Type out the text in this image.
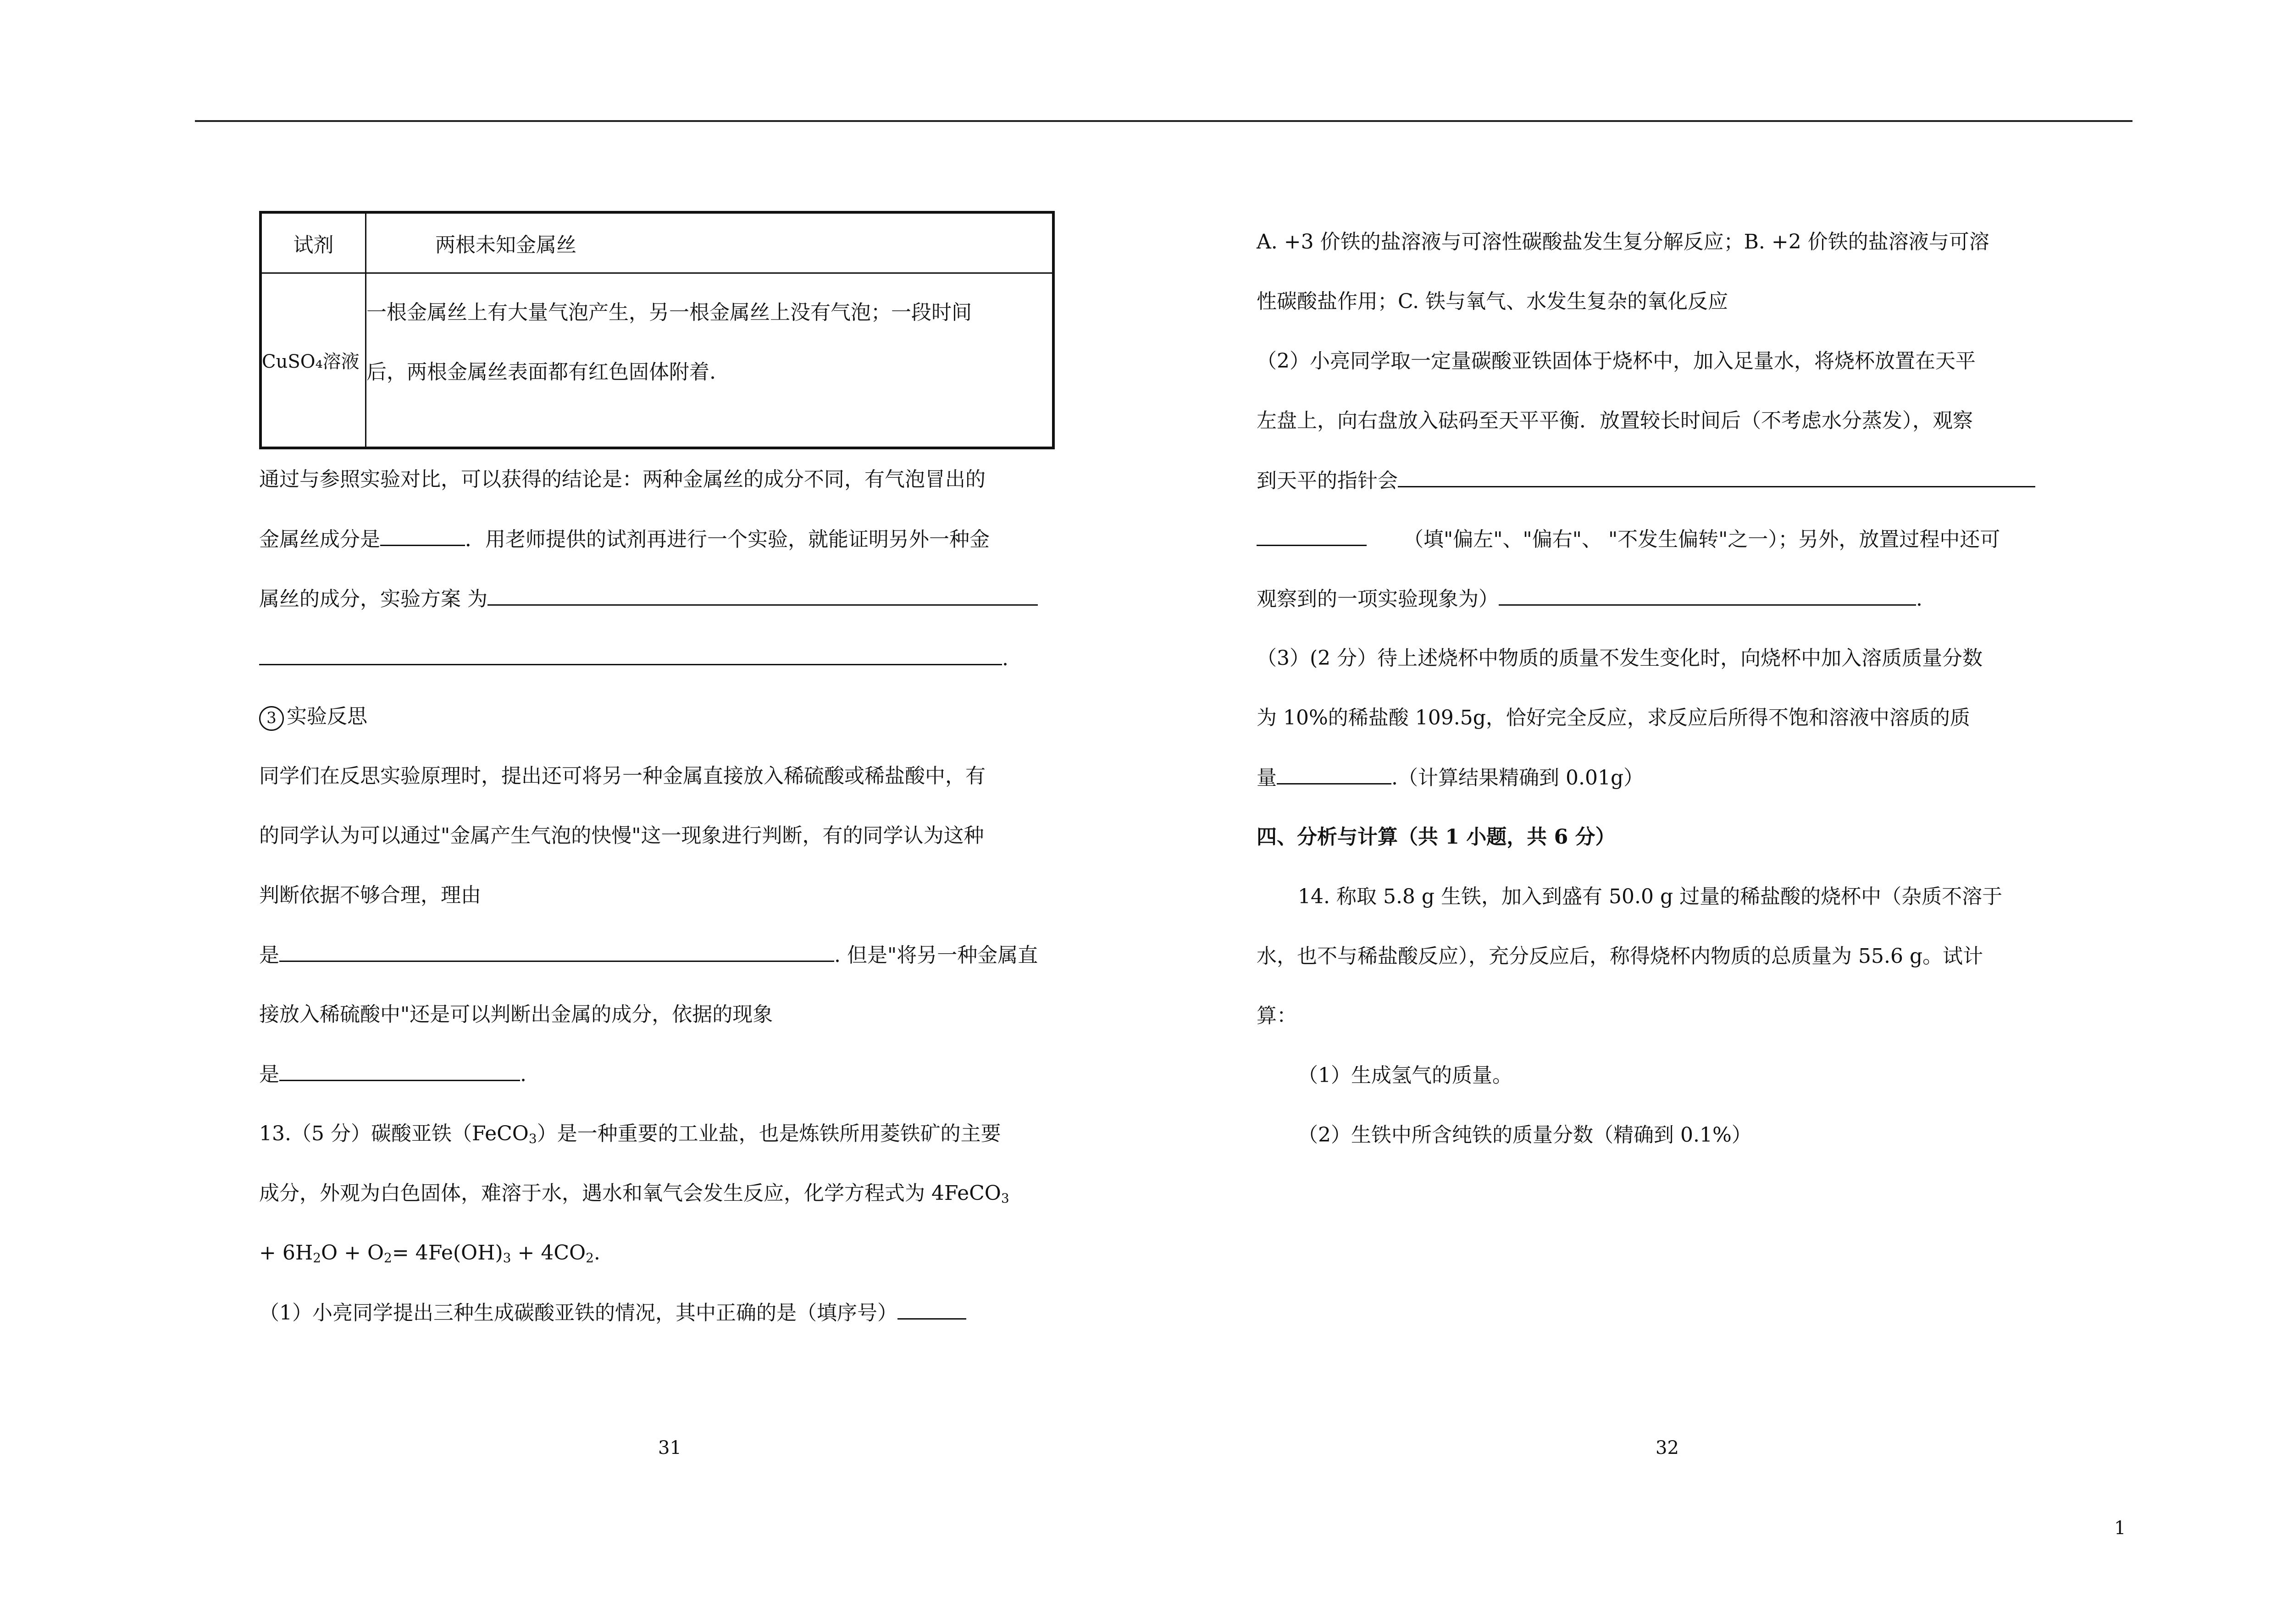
试剂	两根未知金属丝
CuSO₄溶液	一根金属丝上有大量气泡产生，另一根金属丝上没有气泡；一段时间
后，两根金属丝表面都有红色固体附着.
通过与参照实验对比，可以获得的结论是：两种金属丝的成分不同，有气泡冒出的
金属丝成分是	．用老师提供的试剂再进行一个实验，就能证明另外一种金
属丝的成分，实验方案 为
.
3 实验反思
同学们在反思实验原理时，提出还可将另一种金属直接放入稀硫酸或稀盐酸中，有
的同学认为可以通过"金属产生气泡的快慢"这一现象进行判断，有的同学认为这种
判断依据不够合理，理由
是	. 但是"将另一种金属直
接放入稀硫酸中"还是可以判断出金属的成分，依据的现象
是	.
13.（5 分）碳酸亚铁（FeCO$_3$）是一种重要的工业盐，也是炼铁所用菱铁矿的主要
成分，外观为白色固体，难溶于水，遇水和氧气会发生反应，化学方程式为 4FeCO$_3$
+ $6H_2O + O_2= 4Fe(OH)_3 + 4CO_2$.
（1）小亮同学提出三种生成碳酸亚铁的情况，其中正确的是（填序号）
A. +3 价铁的盐溶液与可溶性碳酸盐发生复分解反应；B. +2 价铁的盐溶液与可溶
性碳酸盐作用；C. 铁与氧气、水发生复杂的氧化反应
（2）小亮同学取一定量碳酸亚铁固体于烧杯中，加入足量水，将烧杯放置在天平
左盘上，向右盘放入砝码至天平平衡．放置较长时间后（不考虑水分蒸发），观察
到天平的指针会
（填"偏左"、"偏右"、 "不发生偏转"之一）；另外，放置过程中还可
观察到的一项实验现象为）	.
（3）(2 分）待上述烧杯中物质的质量不发生变化时，向烧杯中加入溶质质量分数
为 10%的稀盐酸 109.5g，恰好完全反应，求反应后所得不饱和溶液中溶质的质
量	.（计算结果精确到 0.01g）
四、分析与计算（共 1 小题，共 6 分）
14. 称取 5.8 g 生铁，加入到盛有 50.0 g 过量的稀盐酸的烧杯中（杂质不溶于
水，也不与稀盐酸反应），充分反应后，称得烧杯内物质的总质量为 55.6 g。试计
算：
（1）生成氢气的质量。
（2）生铁中所含纯铁的质量分数（精确到 0.1%）
31	32
1
